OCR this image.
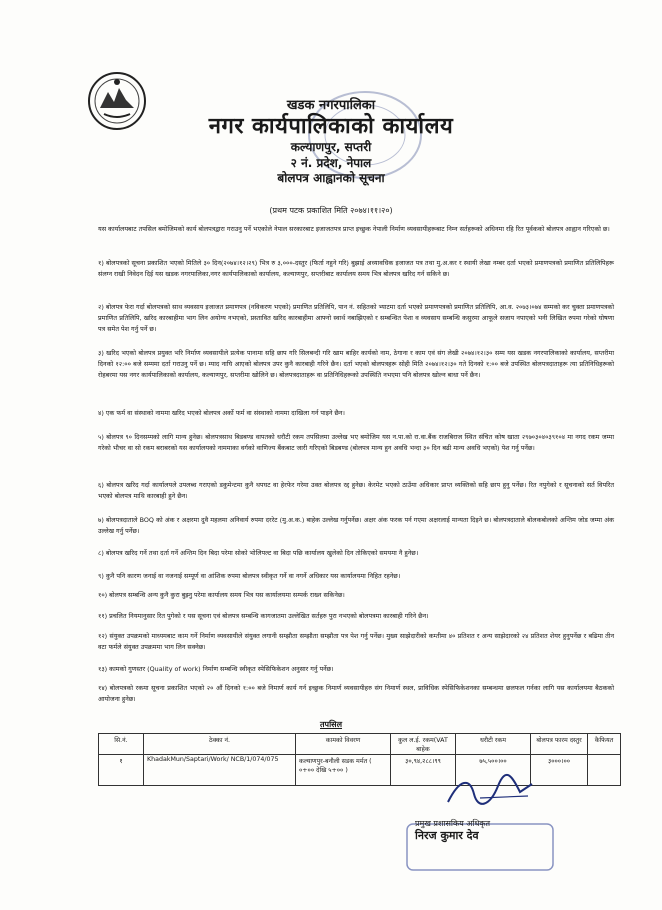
खडक नगरपालिका
नगर कार्यपालिकाको कार्यालय
कल्याणपुर, सप्तरी
२ नं. प्रदेश, नेपाल
बोलपत्र आह्वानको सूचना
(प्रथम पटक प्रकाशित मिति २०७४।११।२०)
यस कार्यालयबाट तपसिल बमोजिमको कार्य बोलपत्रद्वारा गराउनु पर्ने भएकोले नेपाल सरकारबाट इजाजतपत्र प्राप्त इच्छुक नेपाली निर्माण व्यवसायीहरूबाट निम्न सर्तहरूको अधिनमा रहि रित पूर्वकको बोलपत्र आह्वान गरिएको छ।
१) बोलपत्रको सूचना प्रकाशित भएको मितिले ३० दिन(२०७४।१२।२९) भित्र रु ३,०००-दस्तुर (फिर्ता नहुने गरि) बुझाई अध्यावधिक इजाजत पत्र तथा मु.अ.कर र स्थायी लेखा नम्बर दर्ता भएको प्रमाणपत्रको प्रमाणित प्रतिलिपिहरू संलग्न राखी निवेदन दिई यस खडक नगरपालिका,नगर कार्यपालिकाको कार्यालय, कल्याणपुर, सप्तरीबाट कार्यालय समय भित्र बोलपत्र खरिद गर्न सकिने छ।
२) बोलपत्र फेरा गर्दा बोलपत्रको साथ व्यवसाय इजाजत प्रमाणपत्र (नविकरण भएको) प्रमाणित प्रतिलिपि, पान नं. सहितको भ्याटमा दर्ता भएको प्रमाणपत्रको प्रमाणित प्रतिलिपि, आ.व. २०७३।०७४ सम्मको कर चुक्ता प्रमाणपत्रको प्रमाणित प्रतिलिपि, खरिद कारबाहीमा भाग लिन अयोग्य नभएको, प्रस्तावित खरिद कारबाहीमा आफ्नो स्वार्थ नबाझिएको र सम्बन्धित पेशा व व्यवसाय सम्बन्धि कसुरमा आफूले सजाय नपाएको भनी लिखित रुपमा गरेको घोषणा पत्र समेत पेश गर्नु पर्ने छ।
३) खरिद भएको बोलपत्र प्रयुक्त भरि निर्माण व्यवसायीले प्रत्येक पानामा सहि छाप गरि सिलबन्दी गरि खाम बाहिर कार्यको नाम, ठेगाना र काम एवं संग लेखी २०७४।१२।३० सम्म यस खडक नगरपालिकाको कार्यालय, सप्तरीमा दिनको १२:०० बजे सम्ममा दर्ता गराउनु पर्ने छ। म्याद नाघि आएको बोलपत्र उपर कुनै कारबाही गरिने छैन। दर्ता भएको बोलपत्रहरू सोही मिति २०७४।१२।३० गते दिनको १:०० बजे उपस्थित बोलपत्रदाताहरू त्या प्रतिनिधिहरूको रोहबरमा यस नगर कार्यपालिकाको कार्यालय, कल्याणपुर, सप्तरीमा खोलिने छ। बोलपत्रदाताहरू वा प्रतिनिधिहरूको उपस्थिति नभएमा पनि बोलपत्र खोल्न बाधा पर्ने छैन।
४) एक फर्म वा संस्थाको नाममा खरिद भएको बोलपत्र अर्को फर्म वा संस्थाको नाममा दाखिला गर्न पाइने छैन।
५) बोलपत्र ९० दिनसम्मको लागि मान्य हुनेछ। बोलपत्रसाथ बिडबण्ड वापतको धरौटी रकम तपसिलमा उल्लेख भए बमोजिम यस न.पा.को रा.वा.बैंक राजबिराज स्थित संचित कोष खाता २९७०३०४०३९१०४ मा नगद रकम जम्मा गरेको भौचर वा सो रकम बराबरको यस कार्यालयको नाममाका वर्गको वाणिज्य बैंकबाट जारी गरिएको बिडबण्ड (बोलपत्र मान्य हुन अवधि भन्दा ३० दिन बढी मान्य अवधि भएको) पेश गर्नु पर्नेछ।
६) बोलपत्र खरिद गर्दा कार्यालयले उपलब्ध गराएको डकुमेन्टमा कुनै थपघट वा हेरफेर गरेमा उक्त बोलपत्र रद्द हुनेछ। केरमेट भएको ठाउँमा अधिकार प्राप्त व्यक्तिको सहि छाप हुनु पर्नेछ। रित नपुगेको र सूचनाको सर्त विपरित भएको बोलपत्र माथि कारबाही हुने छैन।
७) बोलपत्रदाताले BOQ को अंक र अक्षरमा दुवै महलमा अनिवार्य रुपमा दररेट (मु.अ.क.) बाहेक उल्लेख गर्नुपर्नेछ। अक्षर अंक फरक पर्न गएमा अक्षरलाई मान्यता दिइने छ। बोलपत्रदाताले बोलकबोलको अन्तिम जोड जम्मा अंक उल्लेख गर्नु पर्नेछ।
८) बोलपत्र खरिद गर्ने तथा दर्ता गर्ने अन्तिम दिन बिदा परेमा सोको भोलिपल्ट वा बिदा पछि कार्यालय खुलेको दिन तोकिएको समयमा नै हुनेछ।
९) कुनै पनि कारण जनाई वा नजनाई सम्पूर्ण वा आंशिक रुपमा बोलपत्र स्वीकृत गर्ने वा नगर्ने अधिकार यस कार्यालयमा निहित रहनेछ।
१०) बोलपत्र सम्बन्धि अन्य कुनै कुरा बुझ्नु परेमा कार्यालय समय भित्र यस कार्यालयमा सम्पर्क राख्न सकिनेछ।
११) प्रचलित नियमानुसार रित पुगेको र यस सूचना एवं बोलपत्र सम्बन्धि कागजातमा उल्लेखित सर्तहरु पुरा नभएको बोलपत्रमा कारबाही गरिने छैन।
१२) संयुक्त उपक्रमको माध्यमबाट काम गर्ने निर्माण व्यवसायीले संयुक्त लगानी सम्झौता सम्झौता सम्झौता पत्र पेश गर्नु पर्नेछ। मुख्य साझेदारीको कम्तीमा ४० प्रतिशत र अन्य साझेदारको २४ प्रतिशत शेयर हुनुपर्नेछ र बढिमा तीन वटा फर्मले संयुक्त उपक्रममा भाग लिन सक्नेछ।
१३) कामको गुणस्तर (Quality of work) निर्माण सम्बन्धि स्वीकृत स्पेसिफिकेशन अनुसार गर्नु पर्नेछ।
१४) बोलपत्रको रकमा सूचना प्रकाशित भएको २० औं दिनको १:०० बजे निमार्ण कार्य गर्न इच्छुक निमार्ण व्यवसायीहरु संग निमार्ण स्थल, प्राविधिक स्पेसिफिकेशनका सम्बन्धमा छलफल गर्नका लागि यस कार्यालयमा बैठकको आयोजना हुनेछ।
तपसिल
सि.नं.	ठेक्का नं.	कामको विवरण	कुल ल.ई. रकम(VAT बाहेक	धरौटी रकम	बोलपत्र फारम दस्तुर	कैफियत
१	KhadakMun/Saptari/Work/ NCB/1/074/075	कल्याणपुर-बनौली सडक मर्मत ( ०+०० देखि ५+०० )	३०,९४,२८८।९९	७५,५००।००	३०००।००	
प्रमुख प्रशासकिय अधिकृत
निरज कुमार देव
